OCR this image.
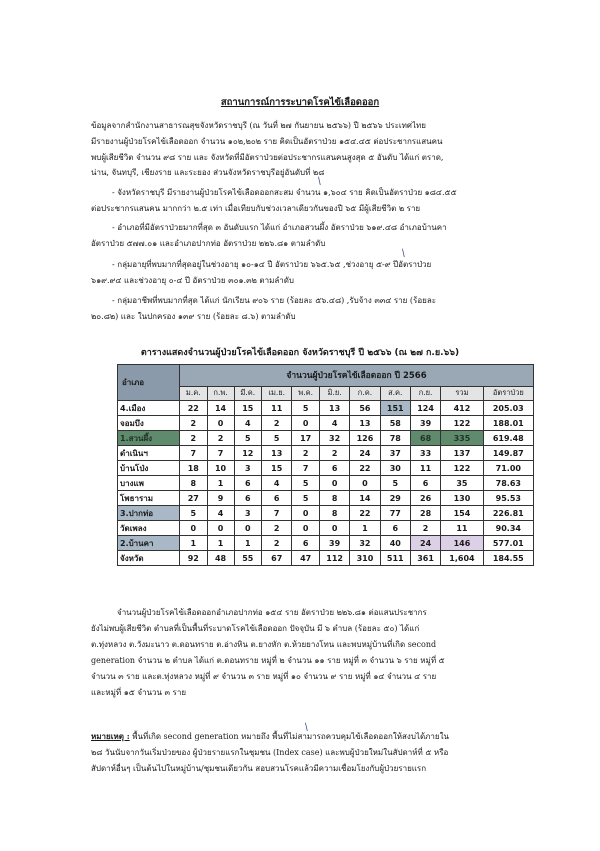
สถานการณ์การระบาดโรคไข้เลือดออก
ข้อมูลจากสำนักงานสาธารณสุขจังหวัดราชบุรี (ณ วันที่ ๒๗ กันยายน ๒๕๖๖) ปี ๒๕๖๖ ประเทศไทย
มีรายงานผู้ป่วยโรคไข้เลือดออก จำนวน ๑๐๒,๒๐๒ ราย คิดเป็นอัตราป่วย ๑๕๔.๔๕ ต่อประชากรแสนคน
พบผู้เสียชีวิต จำนวน ๙๘ ราย และ จังหวัดที่มีอัตราป่วยต่อประชากรแสนคนสูงสุด ๕ อันดับ ได้แก่ ตราด,
น่าน, จันทบุรี, เชียงราย และระยอง ส่วนจังหวัดราชบุรีอยู่อันดับที่ ๒๘
- จังหวัดราชบุรี มีรายงานผู้ป่วยโรคไข้เลือดออกสะสม จำนวน ๑,๖๐๔ ราย คิดเป็นอัตราป่วย ๑๘๔.๕๕
ต่อประชากรแสนคน มากกว่า ๒.๕ เท่า เมื่อเทียบกับช่วงเวลาเดียวกันของปี ๖๕ มีผู้เสียชีวิต ๒ ราย
- อำเภอที่มีอัตราป่วยมากที่สุด ๓ อันดับแรก ได้แก่ อำเภอสวนผึ้ง อัตราป่วย ๖๑๙.๔๘ อำเภอบ้านคา
อัตราป่วย ๕๗๗.๐๑ และอำเภอปากท่อ อัตราป่วย ๒๒๖.๘๑ ตามลำดับ
- กลุ่มอายุที่พบมากที่สุดอยู่ในช่วงอายุ ๑๐-๑๔ ปี อัตราป่วย ๖๖๕.๖๕ ,ช่วงอายุ ๕-๙ ปีอัตราป่วย
๖๑๙.๙๔ และช่วงอายุ ๐-๔ ปี อัตราป่วย ๓๐๑.๓๒ ตามลำดับ
- กลุ่มอาชีพที่พบมากที่สุด ได้แก่ นักเรียน ๙๐๖ ราย (ร้อยละ ๕๖.๔๘) ,รับจ้าง ๓๓๔ ราย (ร้อยละ
๒๐.๘๒) และ ในปกครอง ๑๓๙ ราย (ร้อยละ ๘.๖) ตามลำดับ
ตารางแสดงจำนวนผู้ป่วยโรคไข้เลือดออก จังหวัดราชบุรี ปี ๒๕๖๖ (ณ ๒๗ ก.ย.๖๖)
อำเภอ	จำนวนผู้ป่วยโรคไข้เลือดออก ปี 2566										
	ม.ค.	ก.พ.	มี.ค.	เม.ย.	พ.ค.	มิ.ย.	ก.ค.	ส.ค.	ก.ย.	รวม	อัตราป่วย
4.เมือง	22	14	15	11	5	13	56	151	124	412	205.03
จอมบึง	2	0	4	2	0	4	13	58	39	122	188.01
1.สวนผึ้ง	2	2	5	5	17	32	126	78	68	335	619.48
ดำเนินฯ	7	7	12	13	2	2	24	37	33	137	149.87
บ้านโป่ง	18	10	3	15	7	6	22	30	11	122	71.00
บางแพ	8	1	6	4	5	0	0	5	6	35	78.63
โพธาราม	27	9	6	6	5	8	14	29	26	130	95.53
3.ปากท่อ	5	4	3	7	0	8	22	77	28	154	226.81
วัดเพลง	0	0	0	2	0	0	1	6	2	11	90.34
2.บ้านคา	1	1	1	2	6	39	32	40	24	146	577.01
จังหวัด	92	48	55	67	47	112	310	511	361	1,604	184.55
จำนวนผู้ป่วยโรคไข้เลือดออกอำเภอปากท่อ ๑๕๔ ราย อัตราป่วย ๒๒๖.๘๑ ต่อแสนประชากร
ยังไม่พบผู้เสียชีวิต ตำบลที่เป็นพื้นที่ระบาดโรคไข้เลือดออก ปัจจุบัน มี ๖ ตำบล (ร้อยละ ๕๐) ได้แก่
ต.ทุ่งหลวง ต.วังมะนาว ต.ดอนทราย ต.อ่างหิน ต.ยางหัก ต.ห้วยยางโทน และพบหมู่บ้านที่เกิด second
generation จำนวน ๒ ตำบล ได้แก่ ต.ดอนทราย หมู่ที่ ๒ จำนวน ๑๑ ราย หมู่ที่ ๓ จำนวน ๖ ราย หมู่ที่ ๕
จำนวน ๓ ราย และต.ทุ่งหลวง หมู่ที่ ๙ จำนวน ๓ ราย หมู่ที่ ๑๐ จำนวน ๙ ราย หมู่ที่ ๑๔ จำนวน ๔ ราย
และหมู่ที่ ๑๕ จำนวน ๓ ราย
หมายเหตุ : พื้นที่เกิด second generation หมายถึง พื้นที่ไม่สามารถควบคุมไข้เลือดออกให้สงบได้ภายใน
๒๘ วันนับจากวันเริ่มป่วยของ ผู้ป่วยรายแรกในชุมชน (Index case) และพบผู้ป่วยใหม่ในสัปดาห์ที่ ๕ หรือ
สัปดาห์อื่นๆ เป็นต้นไปในหมู่บ้าน/ชุมชนเดียวกัน สอบสวนโรคแล้วมีความเชื่อมโยงกับผู้ป่วยรายแรก
/
/
/
